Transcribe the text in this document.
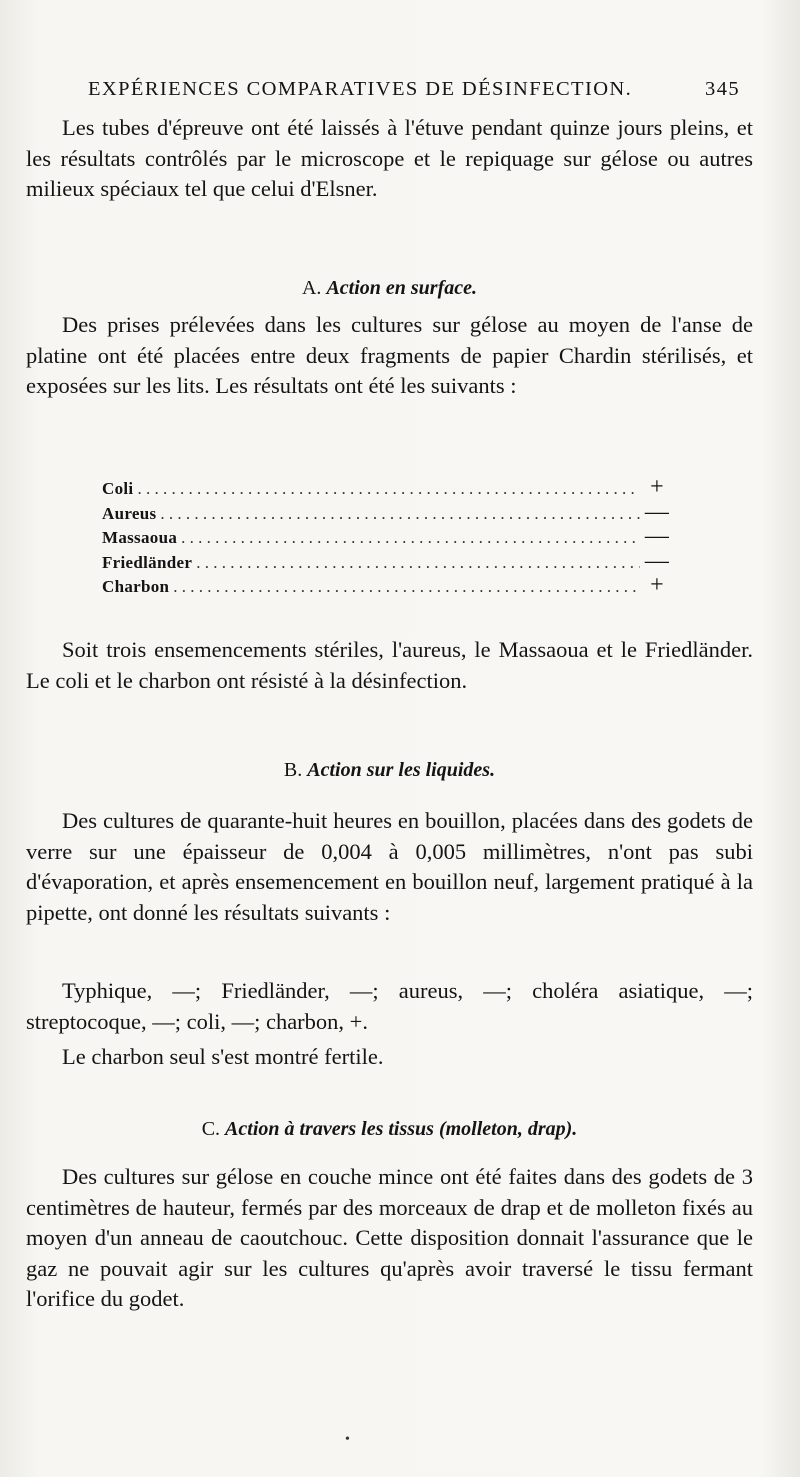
EXPÉRIENCES COMPARATIVES DE DÉSINFECTION.	345

Les tubes d'épreuve ont été laissés à l'étuve pendant quinze jours pleins, et les résultats contrôlés par le microscope et le repiquage sur gélose ou autres milieux spéciaux tel que celui d'Elsner.

A. Action en surface.

Des prises prélevées dans les cultures sur gélose au moyen de l'anse de platine ont été placées entre deux fragments de papier Chardin stérilisés, et exposées sur les lits. Les résultats ont été les suivants :

Coli . . .	+
Aureus . . .	—
Massaoua . . .	—
Friedländer . . .	—
Charbon . . .	+

Soit trois ensemencements stériles, l'aureus, le Massaoua et le Friedländer. Le coli et le charbon ont résisté à la désinfection.

B. Action sur les liquides.

Des cultures de quarante-huit heures en bouillon, placées dans des godets de verre sur une épaisseur de 0,004 à 0,005 millimètres, n'ont pas subi d'évaporation, et après ensemencement en bouillon neuf, largement pratiqué à la pipette, ont donné les résultats suivants :

Typhique, —; Friedländer, —; aureus, —; choléra asiatique, —; streptocoque, —; coli, —; charbon, +.

Le charbon seul s'est montré fertile.

C. Action à travers les tissus (molleton, drap).

Des cultures sur gélose en couche mince ont été faites dans des godets de 3 centimètres de hauteur, fermés par des morceaux de drap et de molleton fixés au moyen d'un anneau de caoutchouc. Cette disposition donnait l'assurance que le gaz ne pouvait agir sur les cultures qu'après avoir traversé le tissu fermant l'orifice du godet.

•
